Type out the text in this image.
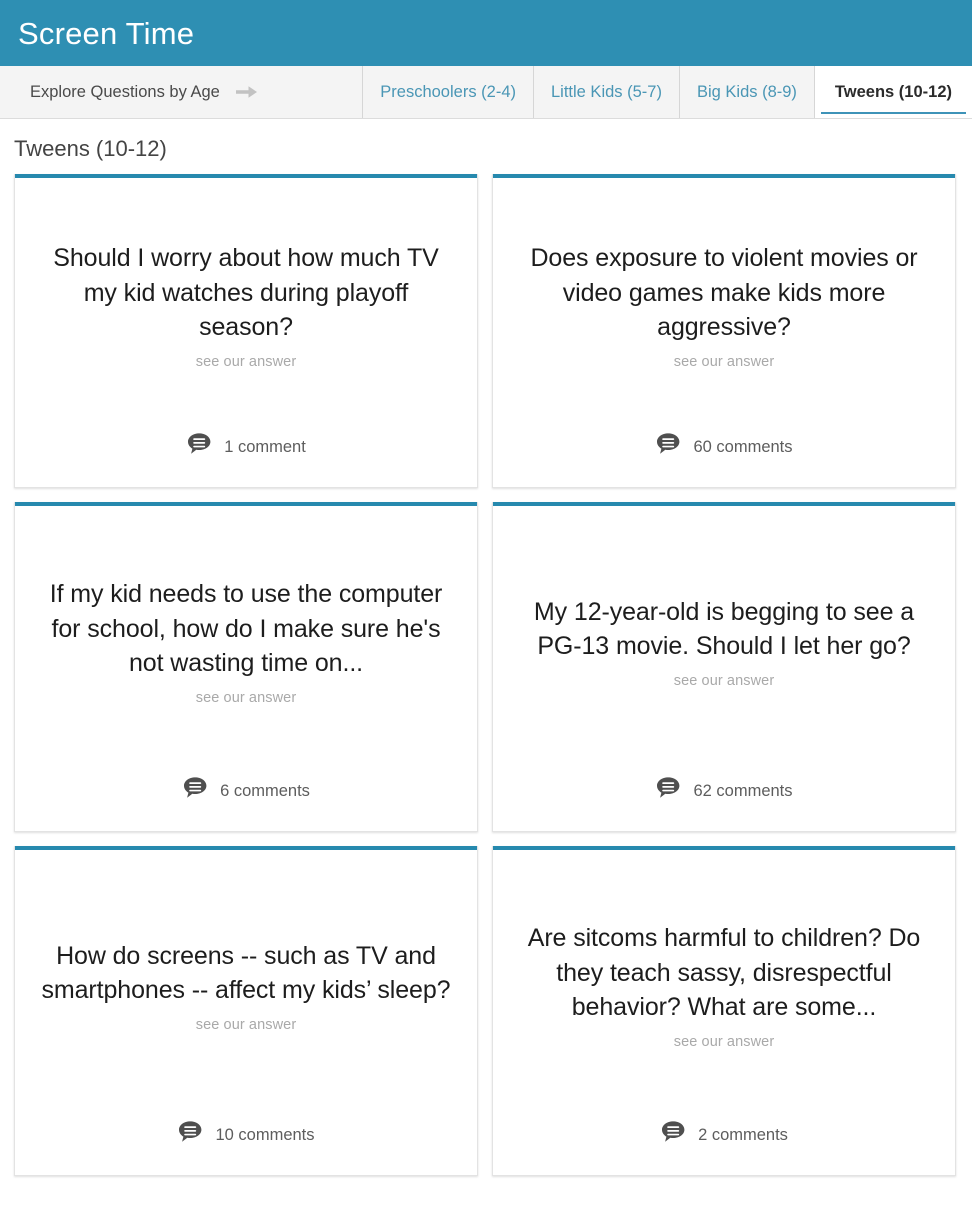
Screen Time
Explore Questions by Age	Preschoolers (2-4)	Little Kids (5-7)	Big Kids (8-9)	Tweens (10-12)
Tweens (10-12)
Should I worry about how much TV my kid watches during playoff season?
see our answer
1 comment
Does exposure to violent movies or video games make kids more aggressive?
see our answer
60 comments
If my kid needs to use the computer for school, how do I make sure he's not wasting time on...
see our answer
6 comments
My 12-year-old is begging to see a PG-13 movie. Should I let her go?
see our answer
62 comments
How do screens -- such as TV and smartphones -- affect my kids’ sleep?
see our answer
10 comments
Are sitcoms harmful to children? Do they teach sassy, disrespectful behavior? What are some...
see our answer
2 comments
